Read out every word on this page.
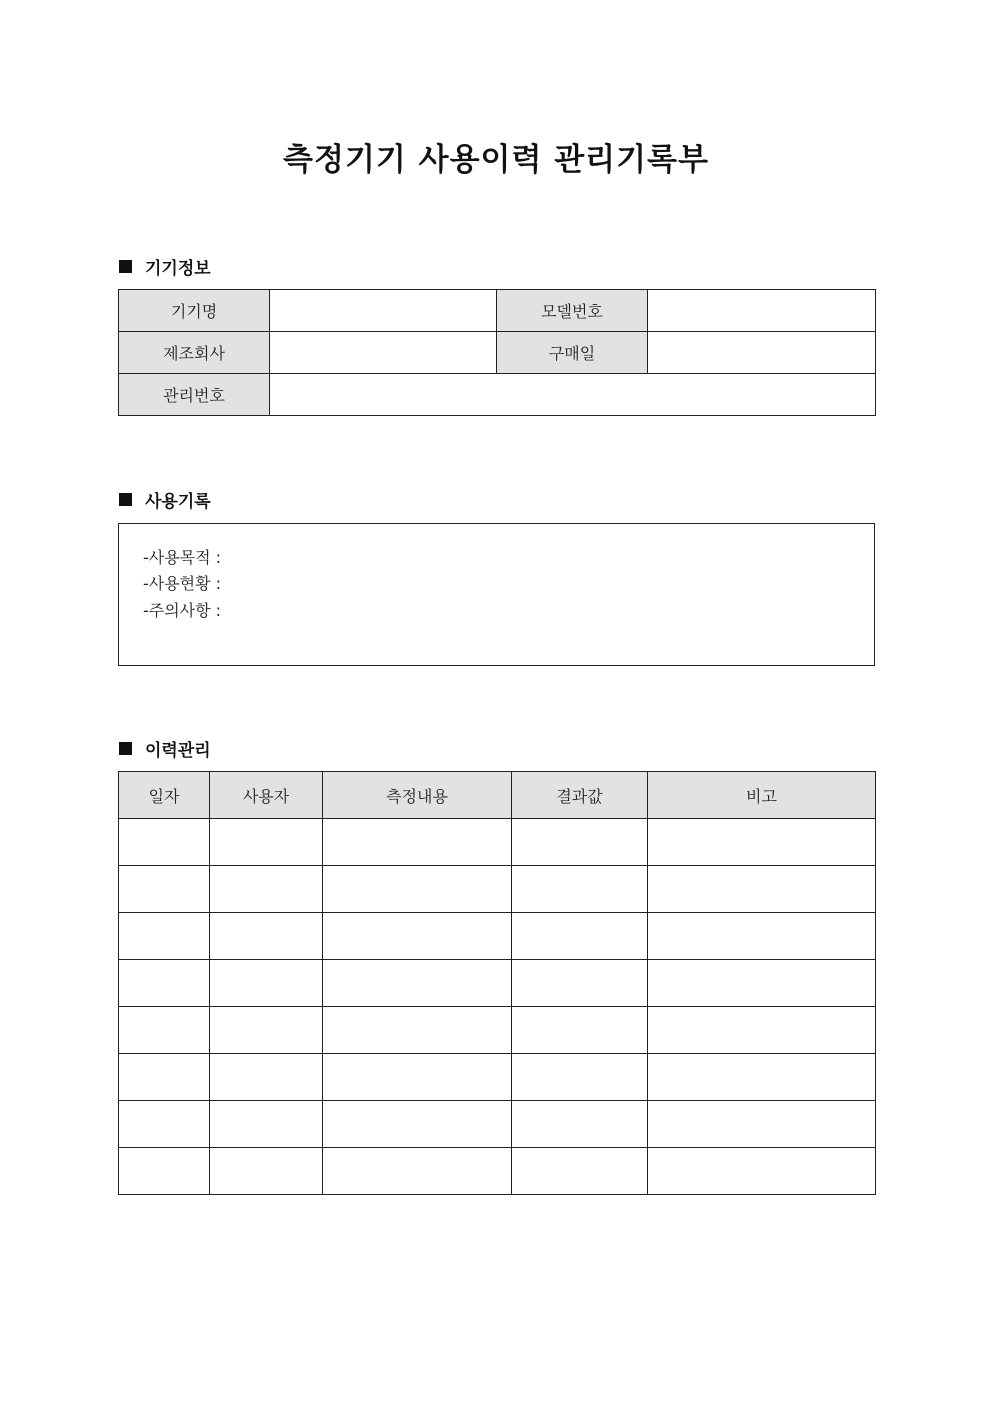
측정기기 사용이력 관리기록부
기기정보
기기명		모델번호	
제조회사		구매일	
관리번호			
사용기록
-사용목적 :
-사용현황 :
-주의사항 :
이력관리
일자	사용자	측정내용	결과값	비고
